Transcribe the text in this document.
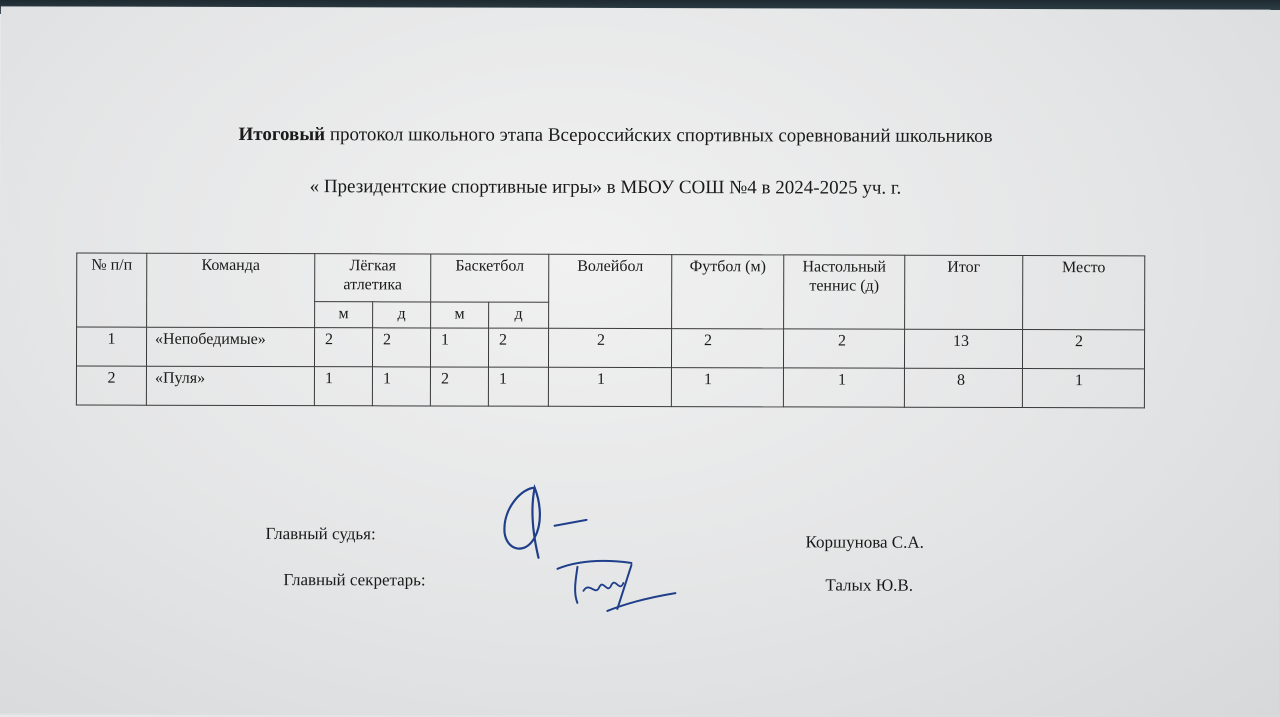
Итоговый протокол школьного этапа Всероссийских спортивных соревнований школьников
« Президентские спортивные игры» в МБОУ СОШ №4 в 2024-2025 уч. г.
№ п/п	Команда	Лёгкая атлетика		Баскетбол		Волейбол	Футбол (м)	Настольный теннис (д)	Итог	Место
		м	д	м	д					
1	«Непобедимые»	2	2	1	2	2	2	2	13	2
2	«Пуля»	1	1	2	1	1	1	1	8	1
Главный судья:	Коршунова С.А.
Главный секретарь:	Талых Ю.В.
